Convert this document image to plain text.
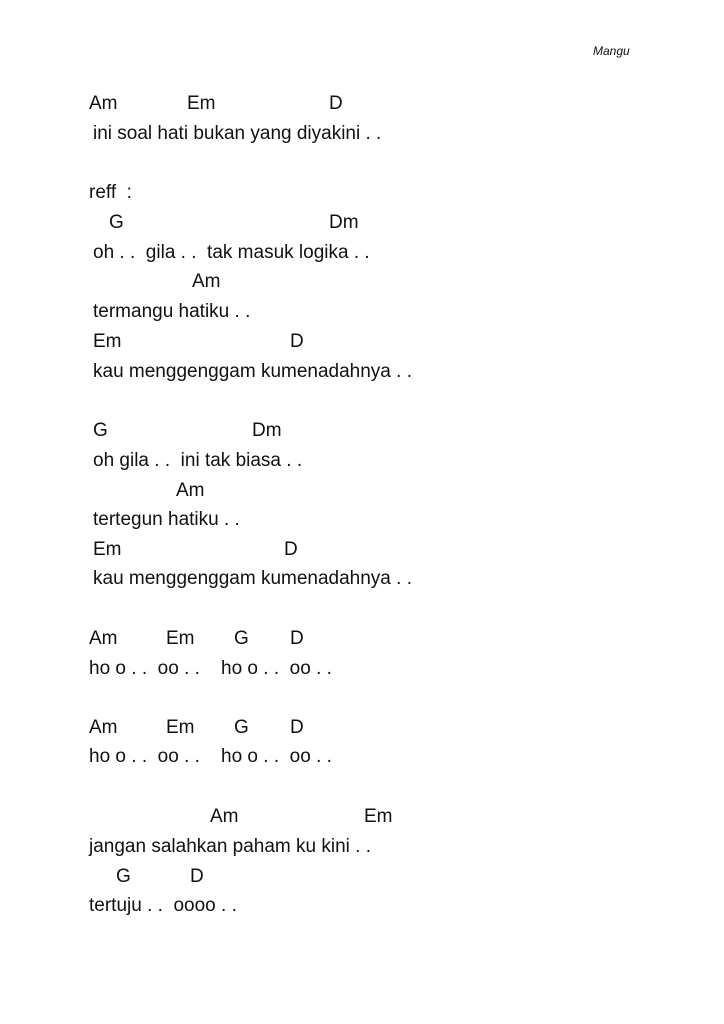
Mangu
Am	Em	D
ini soal hati bukan yang diyakini . .
reff  :
G	Dm
oh . .  gila . .  tak masuk logika . .
Am
termangu hatiku . .
Em	D
kau menggenggam kumenadahnya . .
G	Dm
oh gila . .  ini tak biasa . .
Am
tertegun hatiku . .
Em	D
kau menggenggam kumenadahnya . .
Am	Em G D
ho o . .  oo . .    ho o . .  oo . .
Am	Em G D
ho o . .  oo . .    ho o . .  oo . .
Am	Em
jangan salahkan paham ku kini . .
G	D
tertuju . .  oooo . .
